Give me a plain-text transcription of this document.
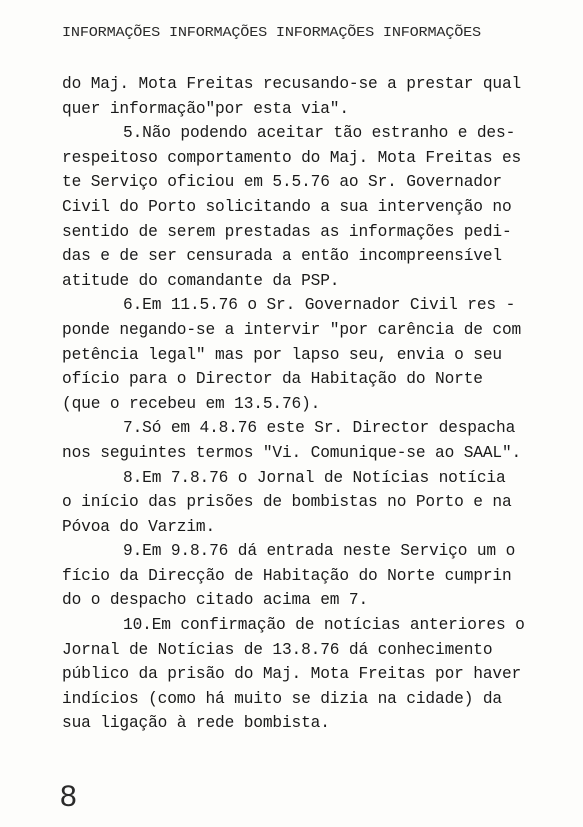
INFORMAÇÕES INFORMAÇÕES INFORMAÇÕES INFORMAÇÕES
do Maj. Mota Freitas recusando-se a prestar qual
quer informação"por esta via".
5.Não podendo aceitar tão estranho e des-
respeitoso comportamento do Maj. Mota Freitas es
te Serviço oficiou em 5.5.76 ao Sr. Governador
Civil do Porto solicitando a sua intervenção no
sentido de serem prestadas as informações pedi-
das e de ser censurada a então incompreensível
atitude do comandante da PSP.
6.Em 11.5.76 o Sr. Governador Civil res -
ponde negando-se a intervir "por carência de com
petência legal" mas por lapso seu, envia o seu
ofício para o Director da Habitação do Norte
(que o recebeu em 13.5.76).
7.Só em 4.8.76 este Sr. Director despacha
nos seguintes termos "Vi. Comunique-se ao SAAL".
8.Em 7.8.76 o Jornal de Notícias notícia
o início das prisões de bombistas no Porto e na
Póvoa do Varzim.
9.Em 9.8.76 dá entrada neste Serviço um o
fício da Direcção de Habitação do Norte cumprin
do o despacho citado acima em 7.
10.Em confirmação de notícias anteriores o
Jornal de Notícias de 13.8.76 dá conhecimento
público da prisão do Maj. Mota Freitas por haver
indícios (como há muito se dizia na cidade) da
sua ligação à rede bombista.
8
